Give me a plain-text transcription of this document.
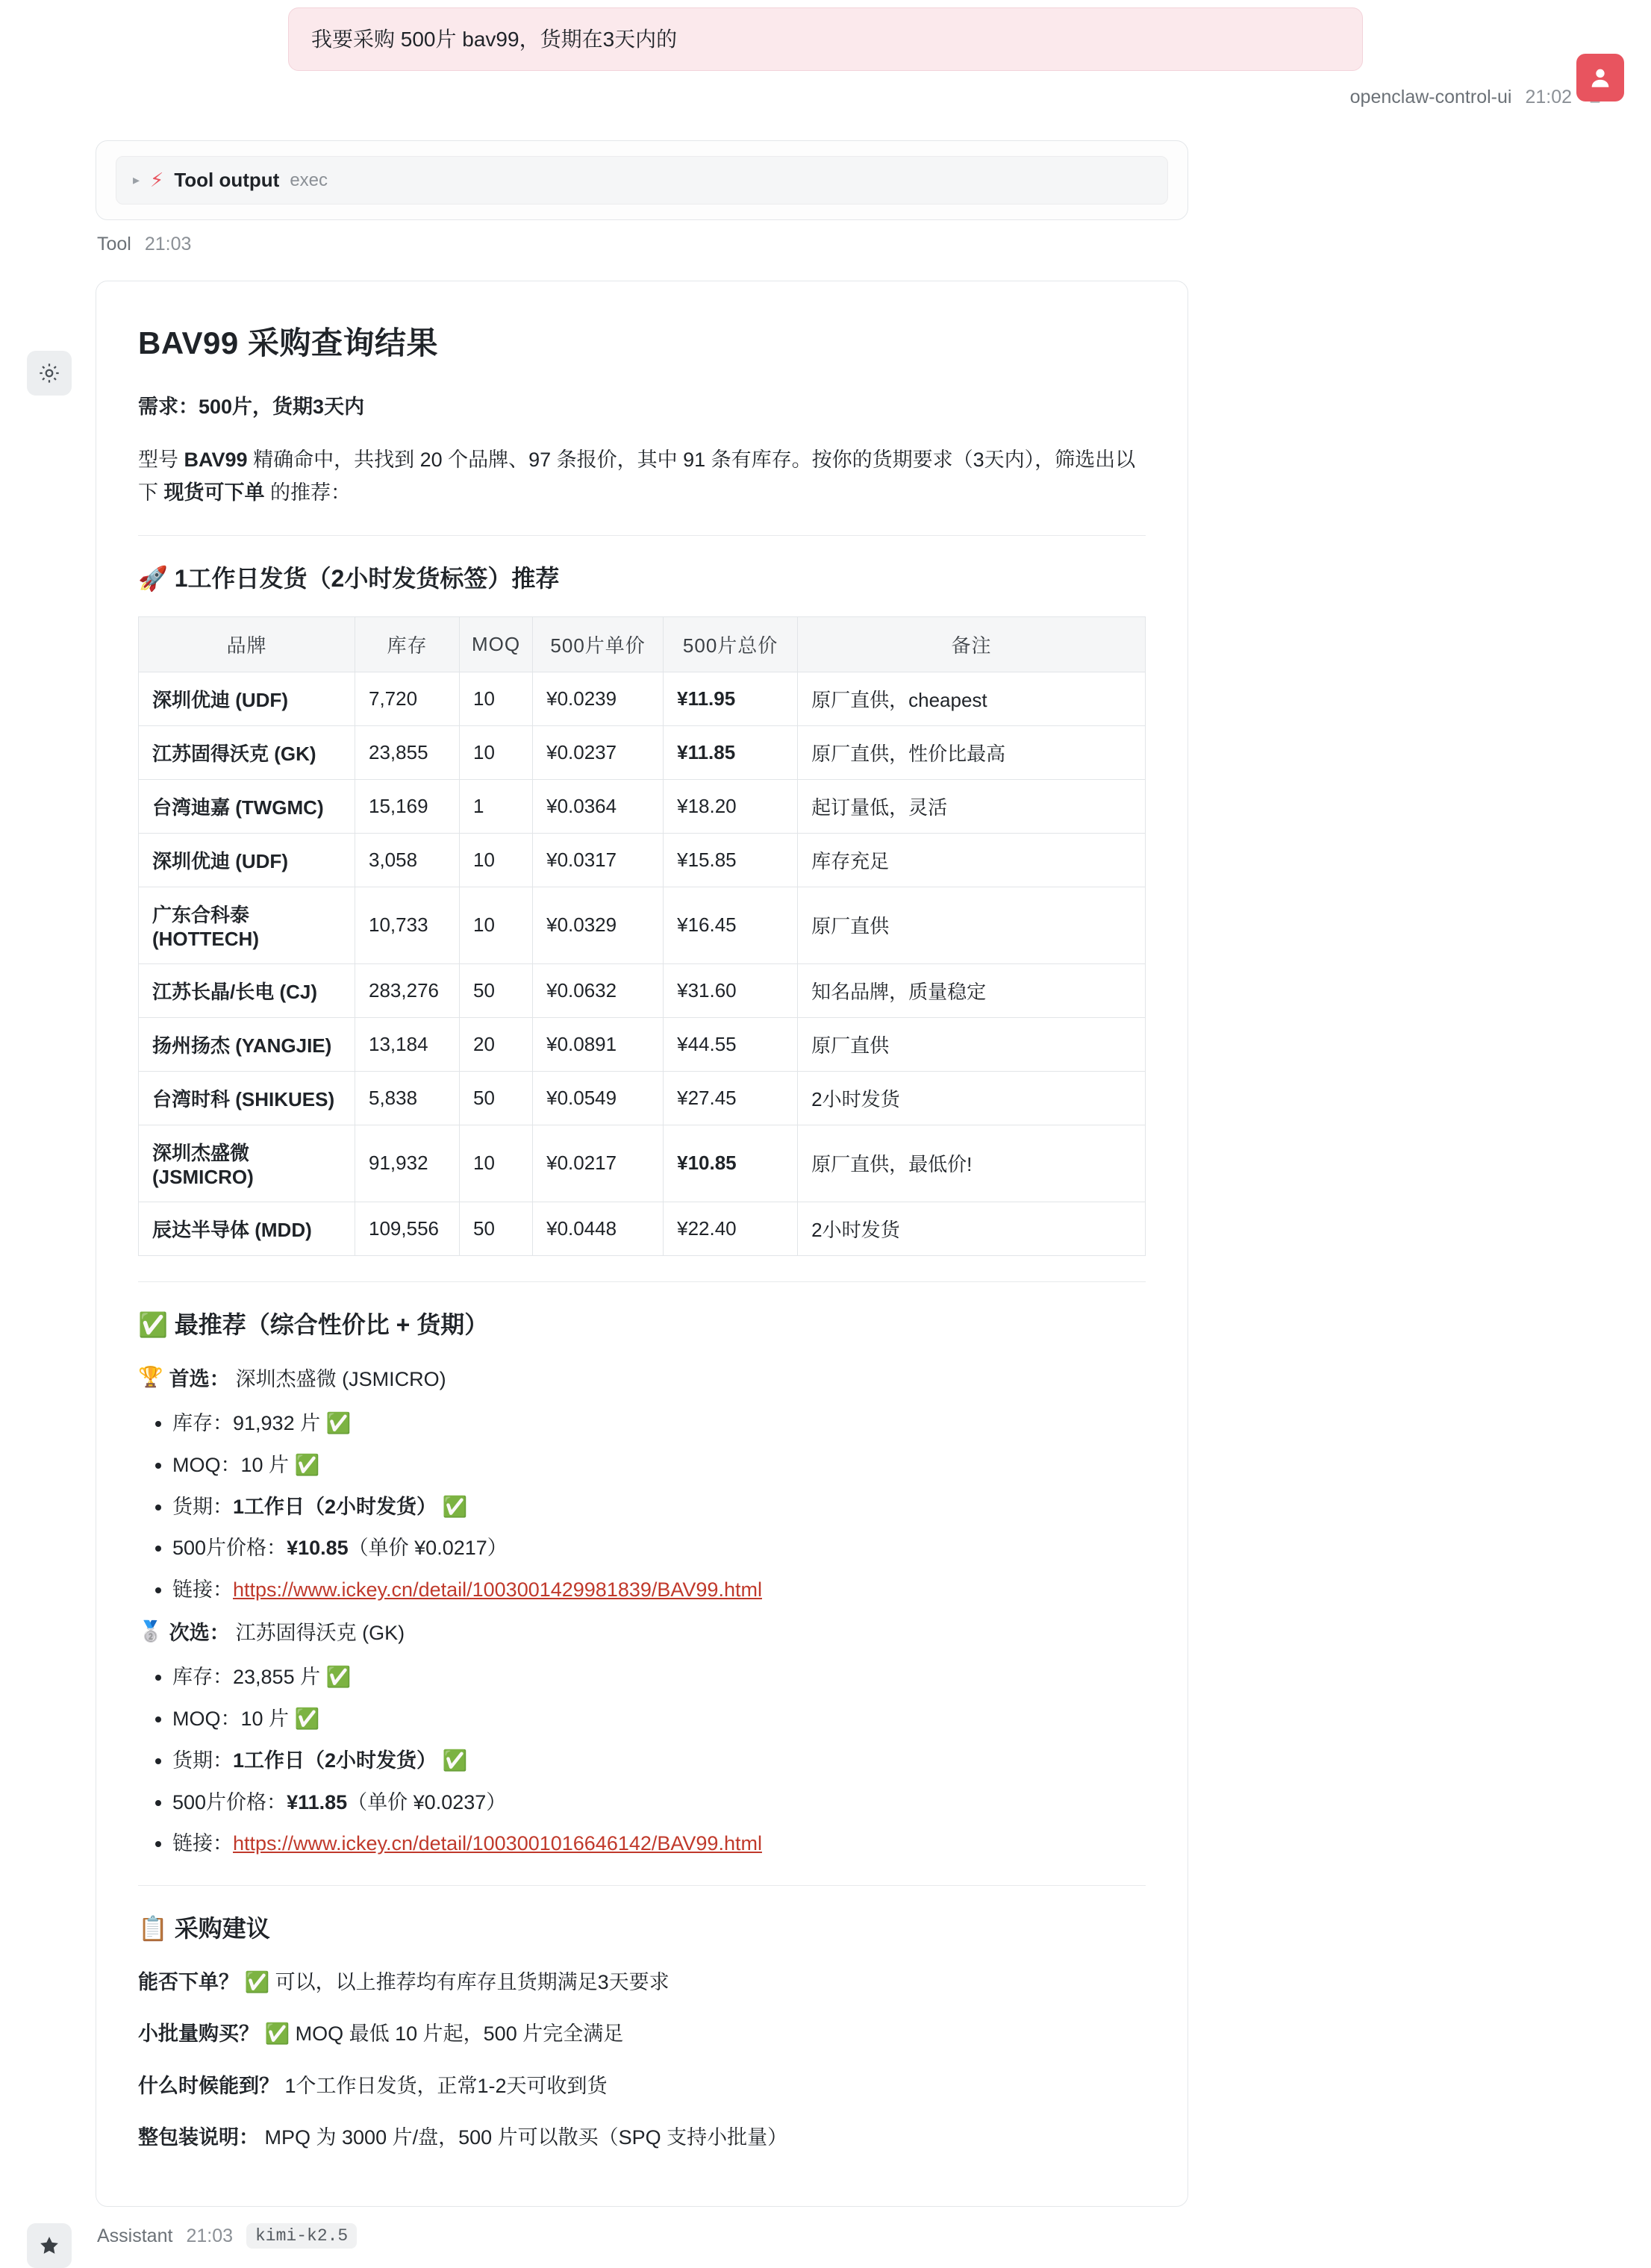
我要采购 500片 bav99，货期在3天内的
openclaw-control-ui 21:02
▸ ⚡ Tool output exec
Tool 21:03
BAV99 采购查询结果

需求：500片，货期3天内

型号 BAV99 精确命中，共找到 20 个品牌、97 条报价，其中 91 条有库存。按你的货期要求（3天内），筛选出以下 现货可下单 的推荐：

🚀 1工作日发货（2小时发货标签）推荐
品牌	库存	MOQ	500片单价	500片总价	备注
深圳优迪 (UDF)	7,720	10	¥0.0239	¥11.95	原厂直供，cheapest
江苏固得沃克 (GK)	23,855	10	¥0.0237	¥11.85	原厂直供，性价比最高
台湾迪嘉 (TWGMC)	15,169	1	¥0.0364	¥18.20	起订量低，灵活
深圳优迪 (UDF)	3,058	10	¥0.0317	¥15.85	库存充足
广东合科泰 (HOTTECH)	10,733	10	¥0.0329	¥16.45	原厂直供
江苏长晶/长电 (CJ)	283,276	50	¥0.0632	¥31.60	知名品牌，质量稳定
扬州扬杰 (YANGJIE)	13,184	20	¥0.0891	¥44.55	原厂直供
台湾时科 (SHIKUES)	5,838	50	¥0.0549	¥27.45	2小时发货
深圳杰盛微 (JSMICRO)	91,932	10	¥0.0217	¥10.85	原厂直供，最低价!
辰达半导体 (MDD)	109,556	50	¥0.0448	¥22.40	2小时发货
✅ 最推荐（综合性价比 + 货期）
🏆 首选： 深圳杰盛微 (JSMICRO)
• 库存：91,932 片 ✅
• MOQ：10 片 ✅
• 货期：1工作日（2小时发货） ✅
• 500片价格：¥10.85（单价 ¥0.0217）
• 链接：https://www.ickey.cn/detail/1003001429981839/BAV99.html
🥈 次选： 江苏固得沃克 (GK)
• 库存：23,855 片 ✅
• MOQ：10 片 ✅
• 货期：1工作日（2小时发货） ✅
• 500片价格：¥11.85（单价 ¥0.0237）
• 链接：https://www.ickey.cn/detail/1003001016646142/BAV99.html
📋 采购建议

能否下单？ ✅ 可以，以上推荐均有库存且货期满足3天要求

小批量购买？ ✅ MOQ 最低 10 片起，500 片完全满足

什么时候能到？ 1个工作日发货，正常1-2天可收到货

整包装说明： MPQ 为 3000 片/盘，500 片可以散买（SPQ 支持小批量）

Assistant 21:03	kimi-k2.5
